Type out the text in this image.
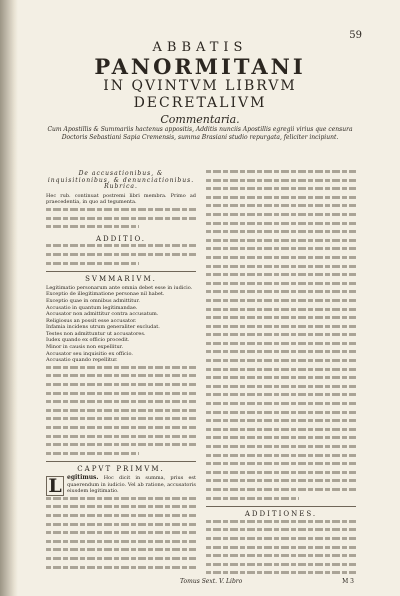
59
ABBATIS
PANORMITANI
IN QVINTVM LIBRVM
DECRETALIVM
Commentaria.
Cum Apostillis & Summariis hactenus appositis, Additis nunciis Apostillis egregii virius que censura Doctoris Sebastiani Sapia Cremensis, summa Brasiani studio repurgata, feliciter incipiunt.
De accusationibus, & inquisitionibus, & denunciationibus. Rubrica.
Hec rub. continuat postremi libri membra. Primo ad praecedentia, in quo ad tegumenta.
ADDITIO.
SVMMARIVM.
Legitimatio personarum ante omnia debet esse in iudicio.
Exceptio de illegitimatione personae nil habet.
Exceptio quae in omnibus admittitur.
Accusatio in quantum legitimandae.
Accusator non admittitur contra accusatum.
Religiosus an possit esse accusator.
Infamia incidens utrum generaliter excludat.
Testes non admittuntur ut accusatores.
Iudex quando ex officio procedit.
Minor in causis non expellitur.
Accusator seu inquisitio ex officio.
Accusatio quando repellitur.
CAPVT PRIMVM.
L egitimus. Hoc dicit in summa, prius est quaerendum in iudicio. Vel ab ratione, accusatoris eiusdem legitimatio.
ADDITIONES.
Tomus Sext. V. Libro	M 3
